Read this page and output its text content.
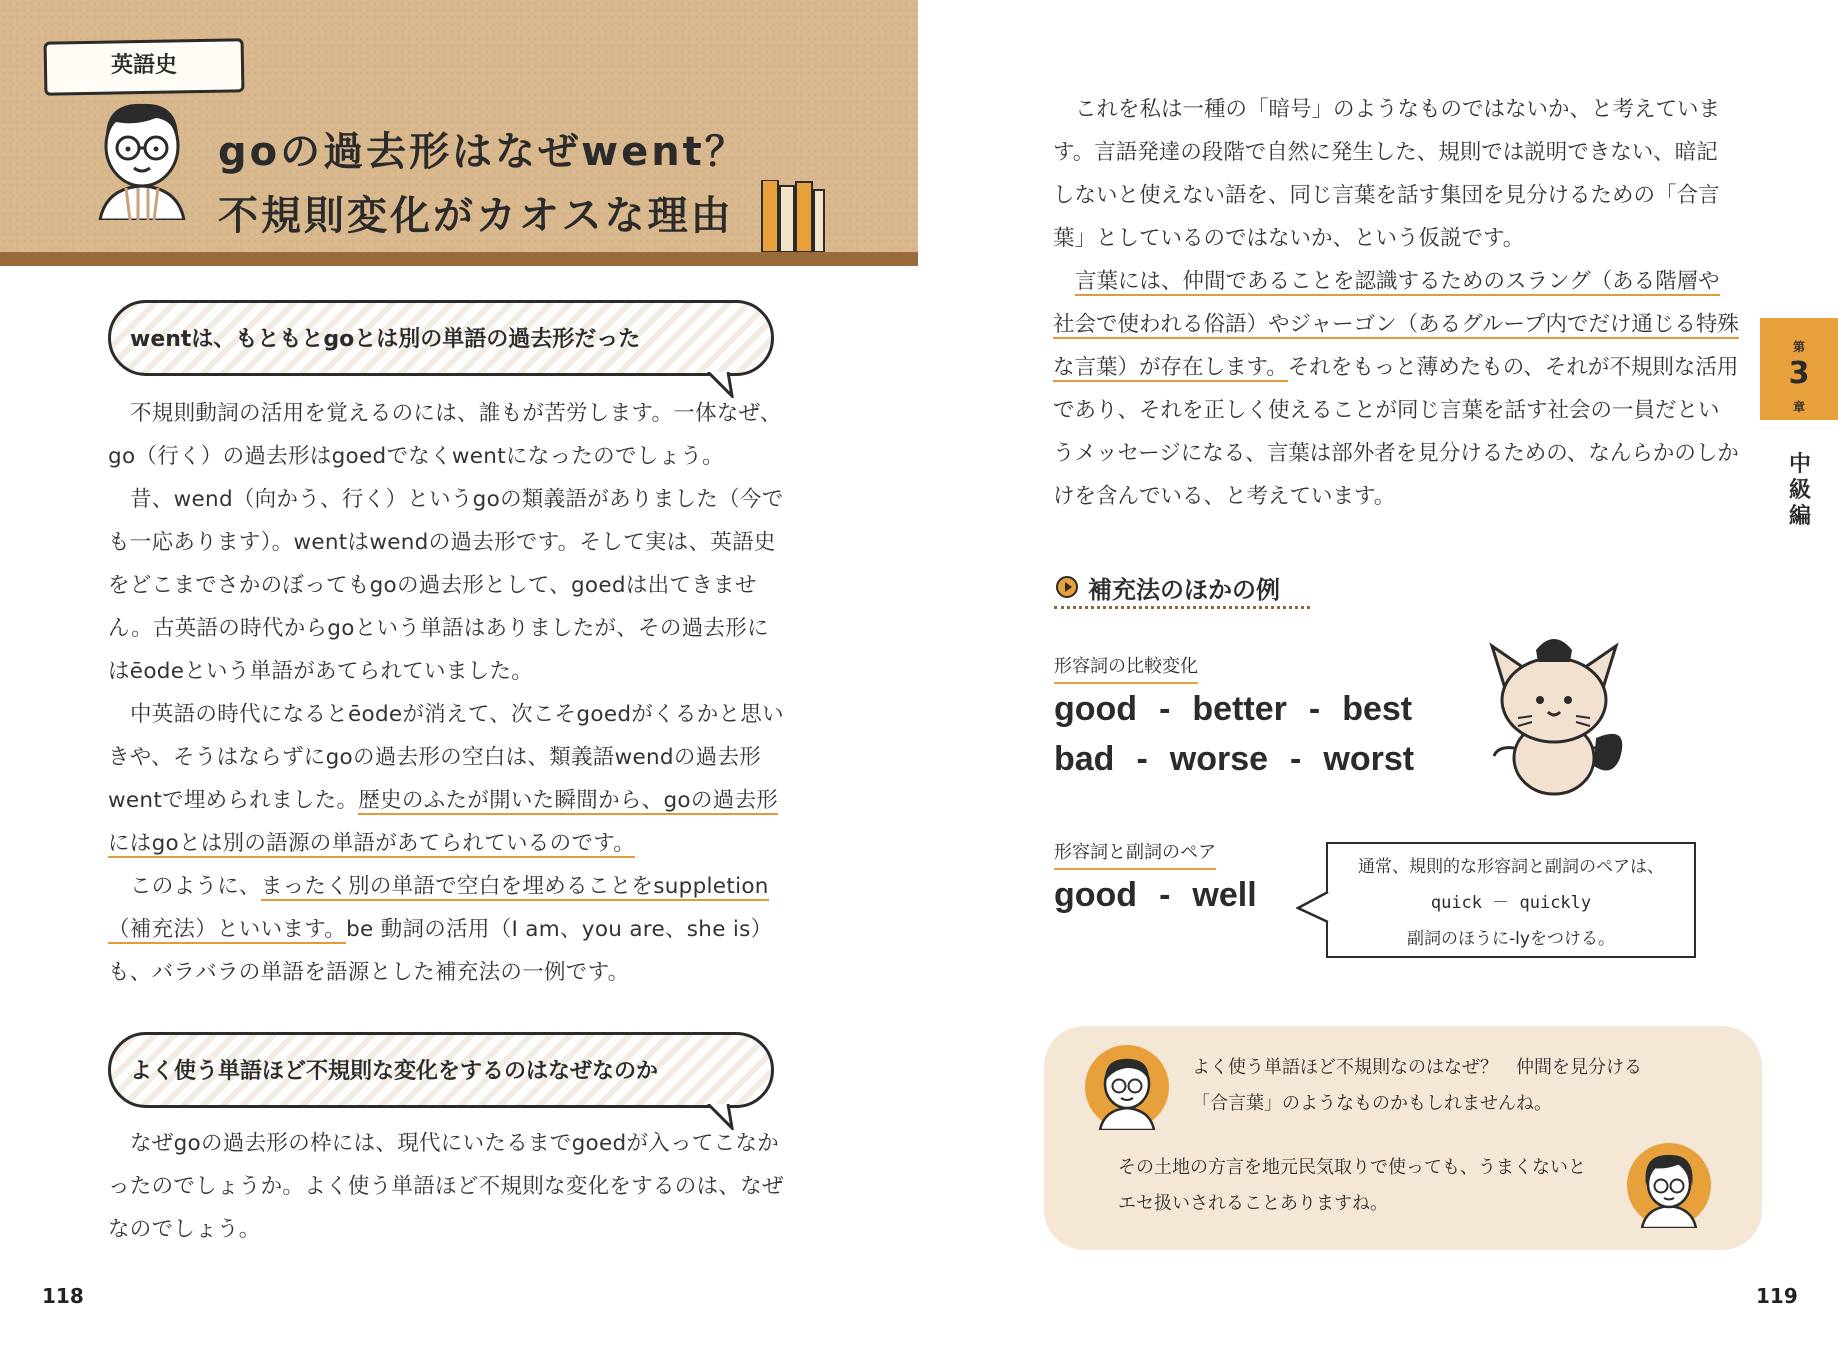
英語史
goの過去形はなぜwent？
不規則変化がカオスな理由
wentは、もともとgoとは別の単語の過去形だった

不規則動詞の活用を覚えるのには、誰もが苦労します。一体なぜ、go（行く）の過去形はgoedでなくwentになったのでしょう。

昔、wend（向かう、行く）というgoの類義語がありました（今でも一応あります）。wentはwendの過去形です。そして実は、英語史をどこまでさかのぼってもgoの過去形として、goedは出てきません。古英語の時代からgoという単語はありましたが、その過去形にはēodeという単語があてられていました。

中英語の時代になるとēodeが消えて、次こそgoedがくるかと思いきや、そうはならずにgoの過去形の空白は、類義語wendの過去形wentで埋められました。歴史のふたが開いた瞬間から、goの過去形にはgoとは別の語源の単語があてられているのです。

このように、まったく別の単語で空白を埋めることをsuppletion（補充法）といいます。be 動詞の活用（I am、you are、she is）も、バラバラの単語を語源とした補充法の一例です。

よく使う単語ほど不規則な変化をするのはなぜなのか

なぜgoの過去形の枠には、現代にいたるまでgoedが入ってこなかったのでしょうか。よく使う単語ほど不規則な変化をするのは、なぜなのでしょう。

118

これを私は一種の「暗号」のようなものではないか、と考えています。言語発達の段階で自然に発生した、規則では説明できない、暗記しないと使えない語を、同じ言葉を話す集団を見分けるための「合言葉」としているのではないか、という仮説です。

言葉には、仲間であることを認識するためのスラング（ある階層や社会で使われる俗語）やジャーゴン（あるグループ内でだけ通じる特殊な言葉）が存在します。それをもっと薄めたもの、それが不規則な活用であり、それを正しく使えることが同じ言葉を話す社会の一員だというメッセージになる、言葉は部外者を見分けるための、なんらかのしかけを含んでいる、と考えています。

第
3
章
中級編
補充法のほかの例
形容詞の比較変化
good - better - best
bad - worse - worst
形容詞と副詞のペア
good - well
通常、規則的な形容詞と副詞のペアは、
quick － quickly
副詞のほうに-lyをつける。
よく使う単語ほど不規則なのはなぜ？　仲間を見分ける
「合言葉」のようなものかもしれませんね。
その土地の方言を地元民気取りで使っても、うまくないと
エセ扱いされることありますね。
119
